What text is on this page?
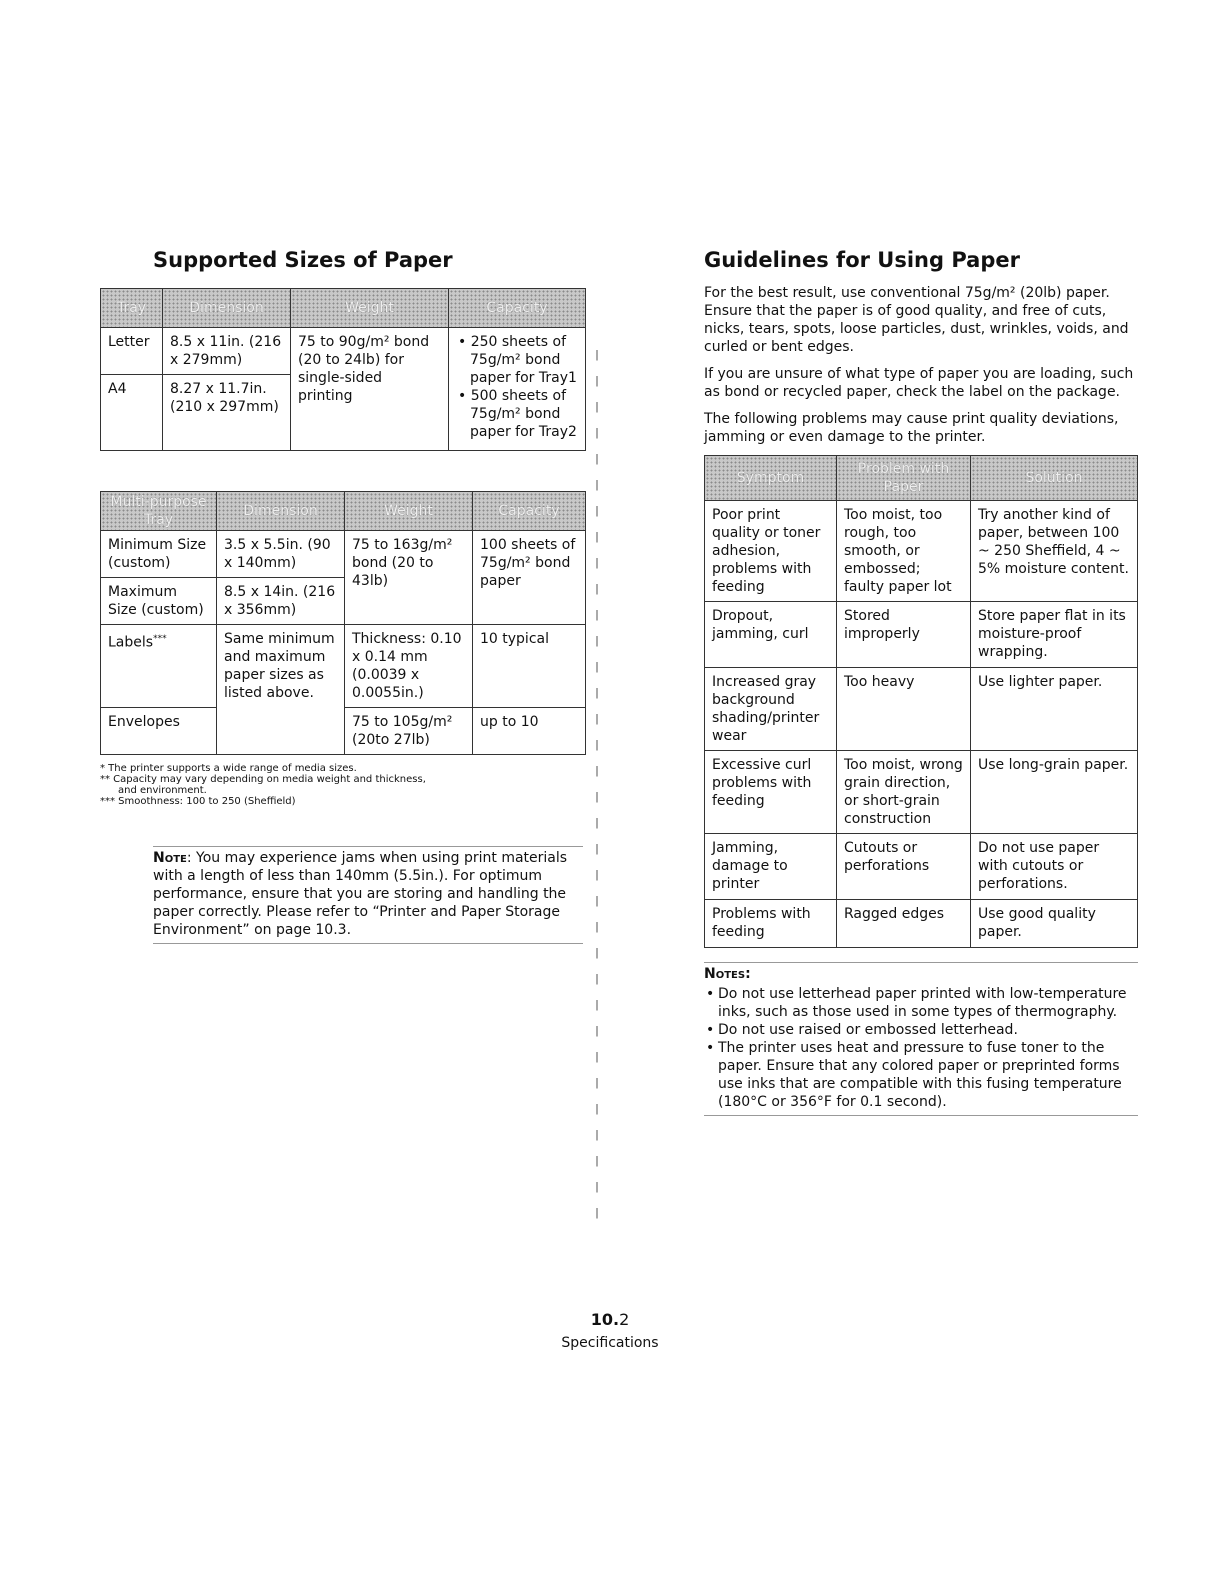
Supported Sizes of Paper
Tray	Dimension	Weight	Capacity
Letter	8.5 x 11in. (216 x 279mm)	75 to 90g/m² bond (20 to 24lb) for single-sided printing	• 250 sheets of 75g/m² bond paper for Tray1
• 500 sheets of 75g/m² bond paper for Tray2

A4	8.27 x 11.7in. (210 x 297mm)		
Multi-purpose Tray	Dimension	Weight	Capacity
Minimum Size (custom)	3.5 x 5.5in. (90 x 140mm)	75 to 163g/m² bond (20 to 43lb)	100 sheets of 75g/m² bond paper
Maximum Size (custom)	8.5 x 14in. (216 x 356mm)		
Labels***	Same minimum and maximum paper sizes as listed above.	Thickness: 0.10 x 0.14 mm (0.0039 x 0.0055in.)	10 typical
Envelopes		75 to 105g/m² (20to 27lb)	up to 10

* The printer supports a wide range of media sizes.

** Capacity may vary depending on media weight and thickness,

and environment.

*** Smoothness: 100 to 250 (Sheffield)

Note: You may experience jams when using print materials with a length of less than 140mm (5.5in.). For optimum performance, ensure that you are storing and handling the paper correctly. Please refer to “Printer and Paper Storage Environment” on page 10.3.
Guidelines for Using Paper

For the best result, use conventional 75g/m² (20lb) paper. Ensure that the paper is of good quality, and free of cuts, nicks, tears, spots, loose particles, dust, wrinkles, voids, and curled or bent edges.

If you are unsure of what type of paper you are loading, such as bond or recycled paper, check the label on the package.

The following problems may cause print quality deviations, jamming or even damage to the printer.

Symptom	Problem with Paper	Solution
Poor print quality or toner adhesion, problems with feeding	Too moist, too rough, too smooth, or embossed; faulty paper lot	Try another kind of paper, between 100 ~ 250 Sheffield, 4 ~ 5% moisture content.
Dropout, jamming, curl	Stored improperly	Store paper flat in its moisture-proof wrapping.
Increased gray background shading/printer wear	Too heavy	Use lighter paper.
Excessive curl problems with feeding	Too moist, wrong grain direction, or short-grain construction	Use long-grain paper.
Jamming, damage to printer	Cutouts or perforations	Do not use paper with cutouts or perforations.
Problems with feeding	Ragged edges	Use good quality paper.
Notes:
• Do not use letterhead paper printed with low-temperature inks, such as those used in some types of thermography.
• Do not use raised or embossed letterhead.
• The printer uses heat and pressure to fuse toner to the paper. Ensure that any colored paper or preprinted forms use inks that are compatible with this fusing temperature (180°C or 356°F for 0.1 second).
10.2
Specifications
